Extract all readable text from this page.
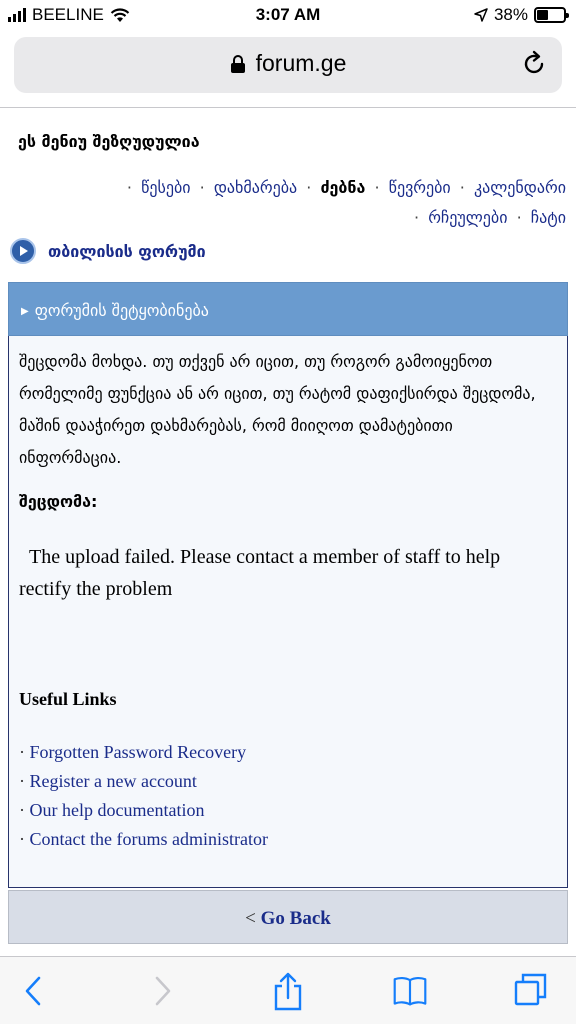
BEELINE	3:07 AM	38%
forum.ge
ეს მენიუ შეზღუდულია
· წესები · დახმარება · ძებნა · წევრები · კალენდარი
· რჩეულები · ჩატი
თბილისის ფორუმი
▶ ფორუმის შეტყობინება
შეცდომა მოხდა. თუ თქვენ არ იცით, თუ როგორ გამოიყენოთ რომელიმე ფუნქცია ან არ იცით, თუ რატომ დაფიქსირდა შეცდომა, მაშინ დააჭირეთ დახმარებას, რომ მიიღოთ დამატებითი ინფორმაცია.
შეცდომა:
The upload failed. Please contact a member of staff to help rectify the problem
Useful Links
· Forgotten Password Recovery
· Register a new account
· Our help documentation
· Contact the forums administrator
< Go Back
